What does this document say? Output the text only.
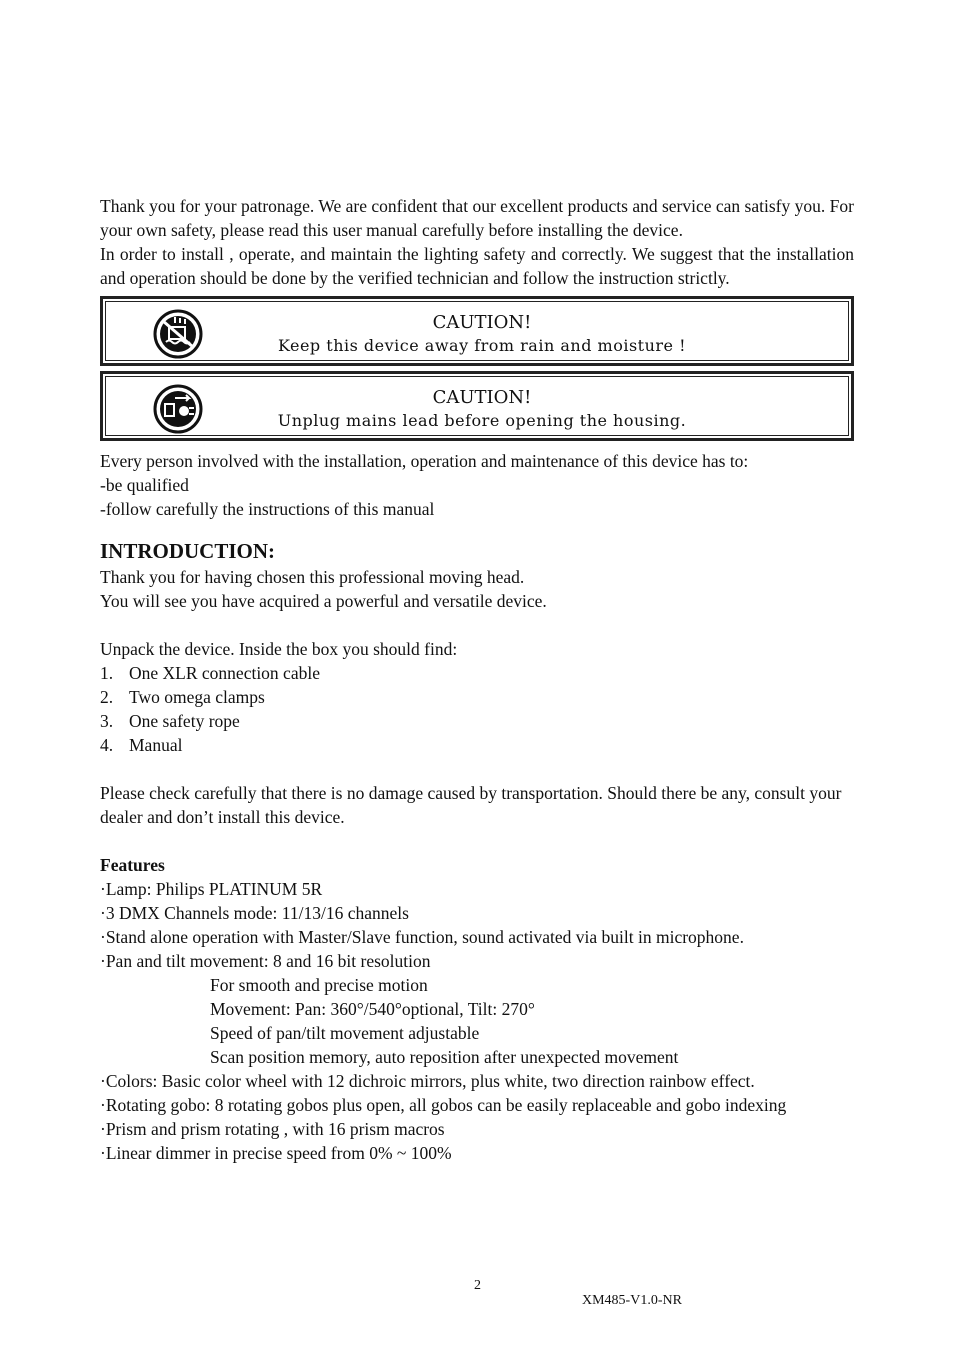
Thank you for your patronage. We are confident that our excellent products and service can satisfy you. For your own safety, please read this user manual carefully before installing the device.

In order to install , operate, and maintain the lighting safety and correctly. We suggest that the installation and operation should be done by the verified technician and follow the instruction strictly.

CAUTION!
Keep this device away from rain and moisture !
CAUTION!
Unplug mains lead before opening the housing.

Every person involved with the installation, operation and maintenance of this device has to:

-be qualified

-follow carefully the instructions of this manual

INTRODUCTION:

Thank you for having chosen this professional moving head.

You will see you have acquired a powerful and versatile device.

Unpack the device. Inside the box you should find:

1. One XLR connection cable
2. Two omega clamps
3. One safety rope
4. Manual

Please check carefully that there is no damage caused by transportation. Should there be any, consult your dealer and don’t install this device.

Features

·Lamp: Philips PLATINUM 5R

·3 DMX Channels mode: 11/13/16 channels

·Stand alone operation with Master/Slave function, sound activated via built in microphone.

·Pan and tilt movement: 8 and 16 bit resolution

For smooth and precise motion

Movement: Pan: 360°/540°optional, Tilt: 270°

Speed of pan/tilt movement adjustable

Scan position memory, auto reposition after unexpected movement

·Colors: Basic color wheel with 12 dichroic mirrors, plus white, two direction rainbow effect.

·Rotating gobo: 8 rotating gobos plus open, all gobos can be easily replaceable and gobo indexing

·Prism and prism rotating , with 16 prism macros

·Linear dimmer in precise speed from 0% ~ 100%

2
XM485-V1.0-NR
